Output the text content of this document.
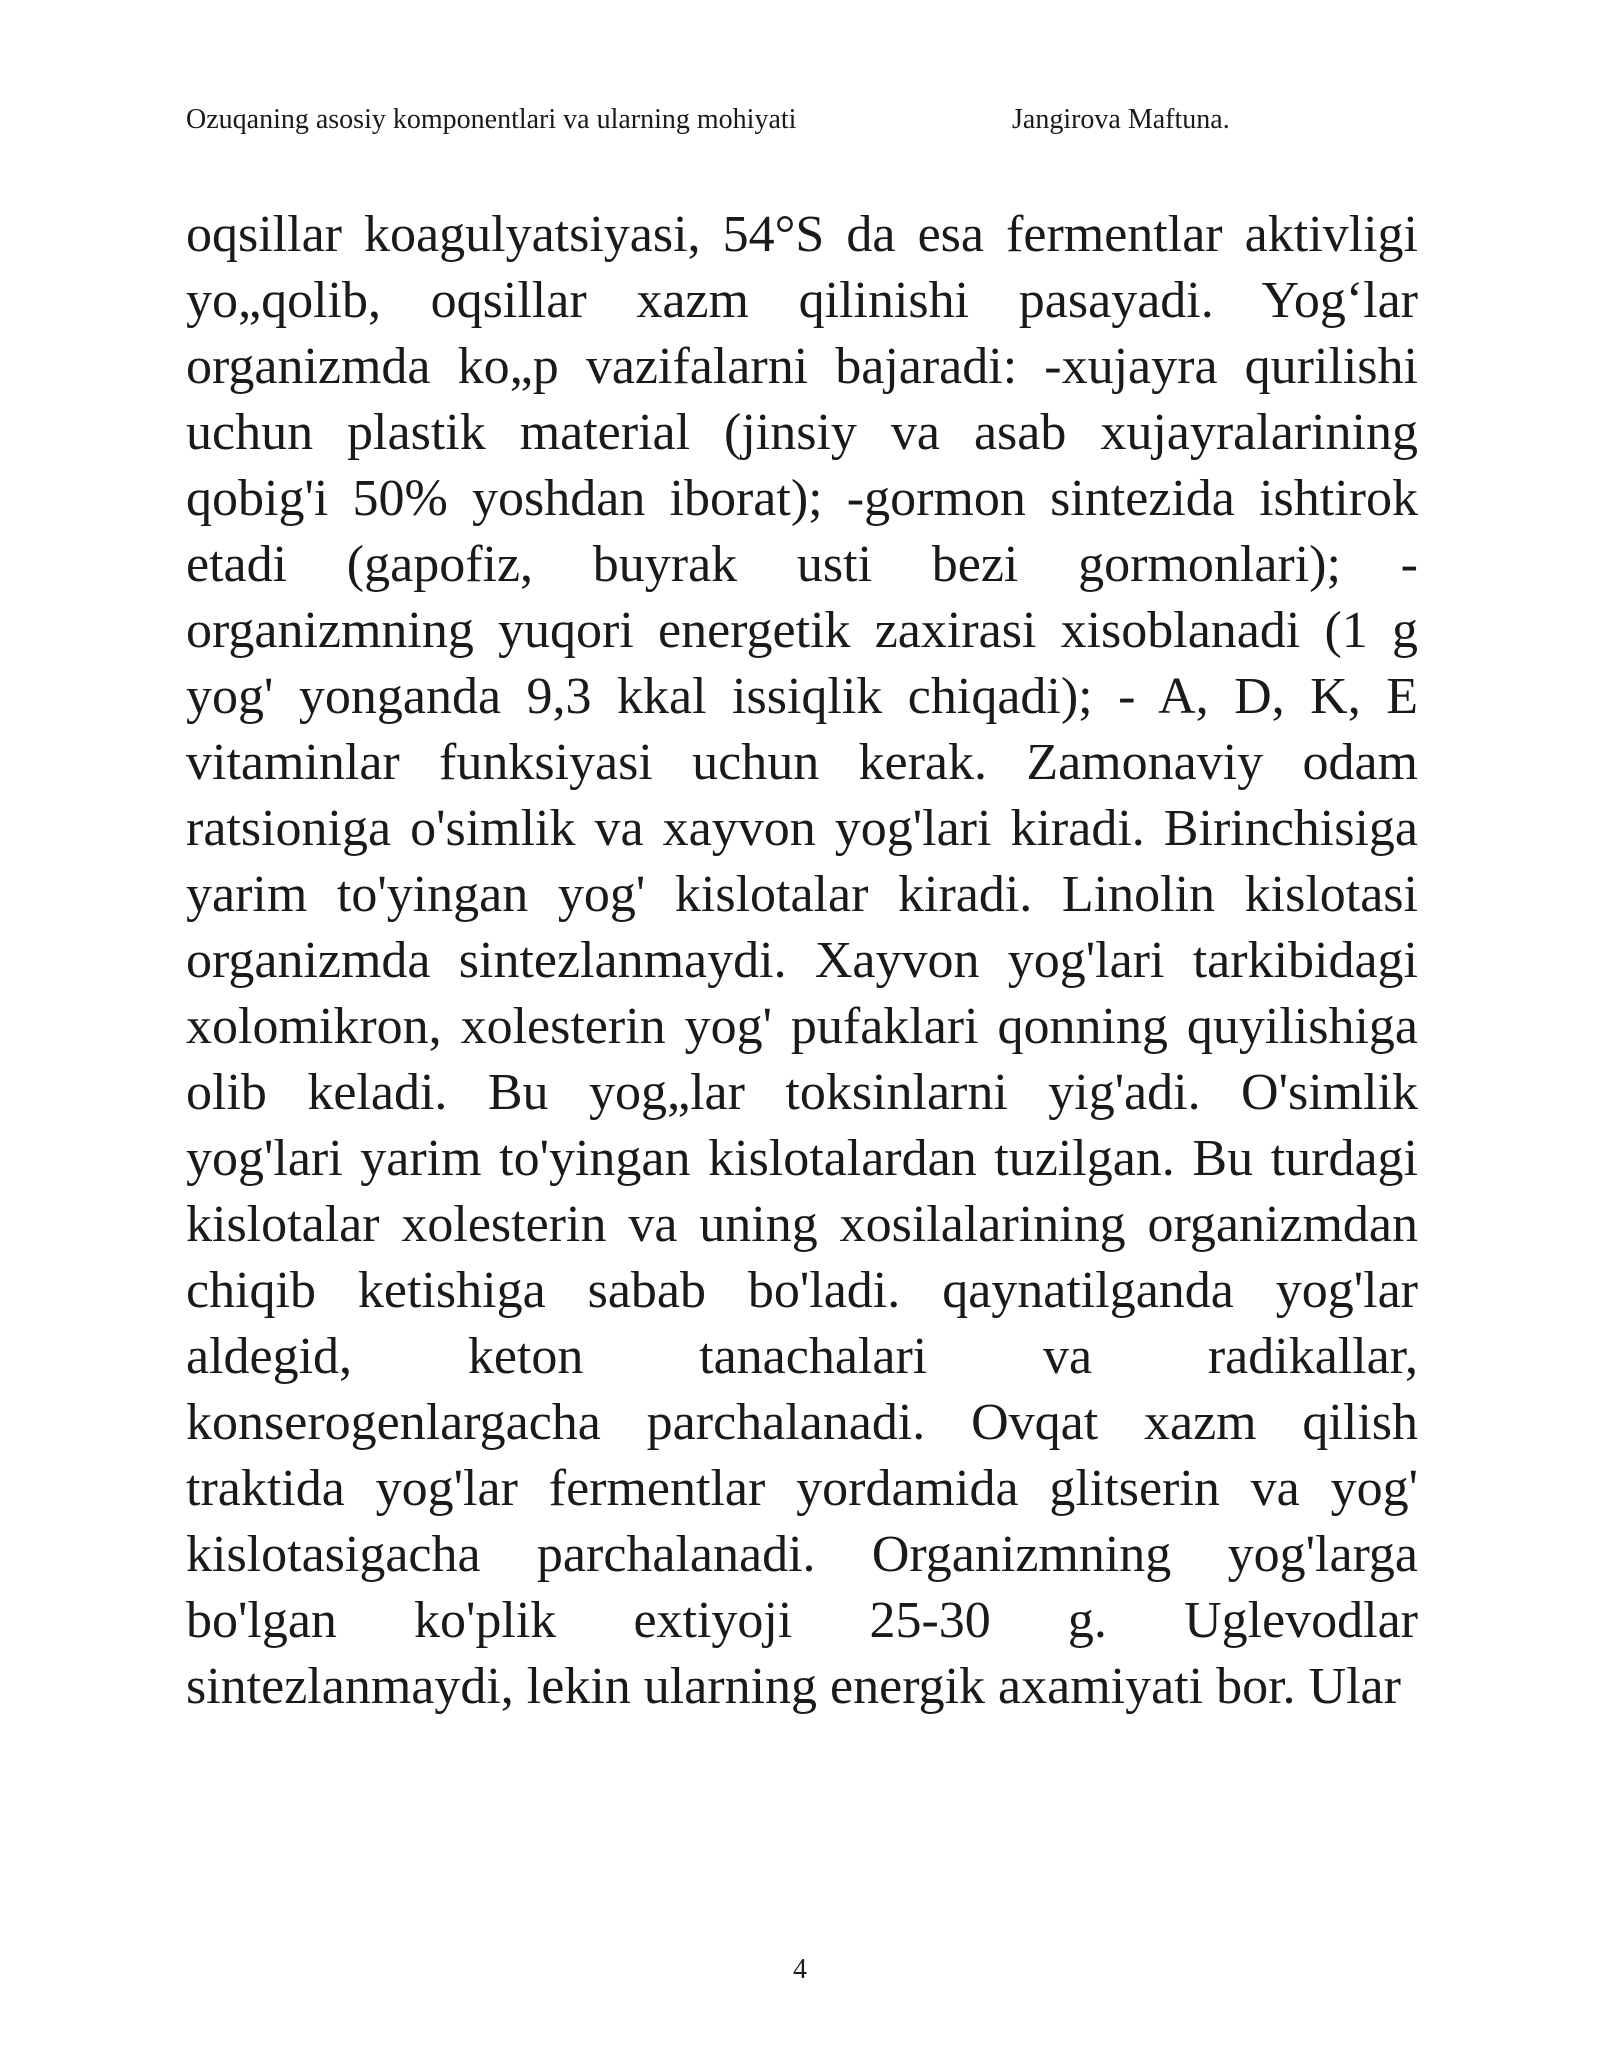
Ozuqaning asosiy komponentlari va ularning mohiyati	Jangirova Maftuna.

oqsillar koagulyatsiyasi, 54°S da esa fermentlar aktivligi yo„qolib, oqsillar xazm qilinishi pasayadi. Yog‘lar organizmda ko„p vazifalarni bajaradi: -xujayra qurilishi uchun plastik material (jinsiy va asab xujayralarining qobig'i 50% yoshdan iborat); -gormon sintezida ishtirok etadi (gapofiz, buyrak usti bezi gormonlari); - organizmning yuqori energetik zaxirasi xisoblanadi (1 g yog' yonganda 9,3 kkal issiqlik chiqadi); - A, D, K, E vitaminlar funksiyasi uchun kerak. Zamonaviy odam ratsioniga o'simlik va xayvon yog'lari kiradi. Birinchisiga yarim to'yingan yog' kislotalar kiradi. Linolin kislotasi organizmda sintezlanmaydi. Xayvon yog'lari tarkibidagi xolomikron, xolesterin yog' pufaklari qonning quyilishiga olib keladi. Bu yog„lar toksinlarni yig'adi. O'simlik yog'lari yarim to'yingan kislotalardan tuzilgan. Bu turdagi kislotalar xolesterin va uning xosilalarining organizmdan chiqib ketishiga sabab bo'ladi. qaynatilganda yog'lar aldegid, keton tanachalari va radikallar, konserogenlargacha parchalanadi. Ovqat xazm qilish traktida yog'lar fermentlar yordamida glitserin va yog' kislotasigacha parchalanadi. Organizmning yog'larga bo'lgan ko'plik extiyoji 25-30 g. Uglevodlar sintezlanmaydi, lekin ularning energik axamiyati bor. Ular

4
